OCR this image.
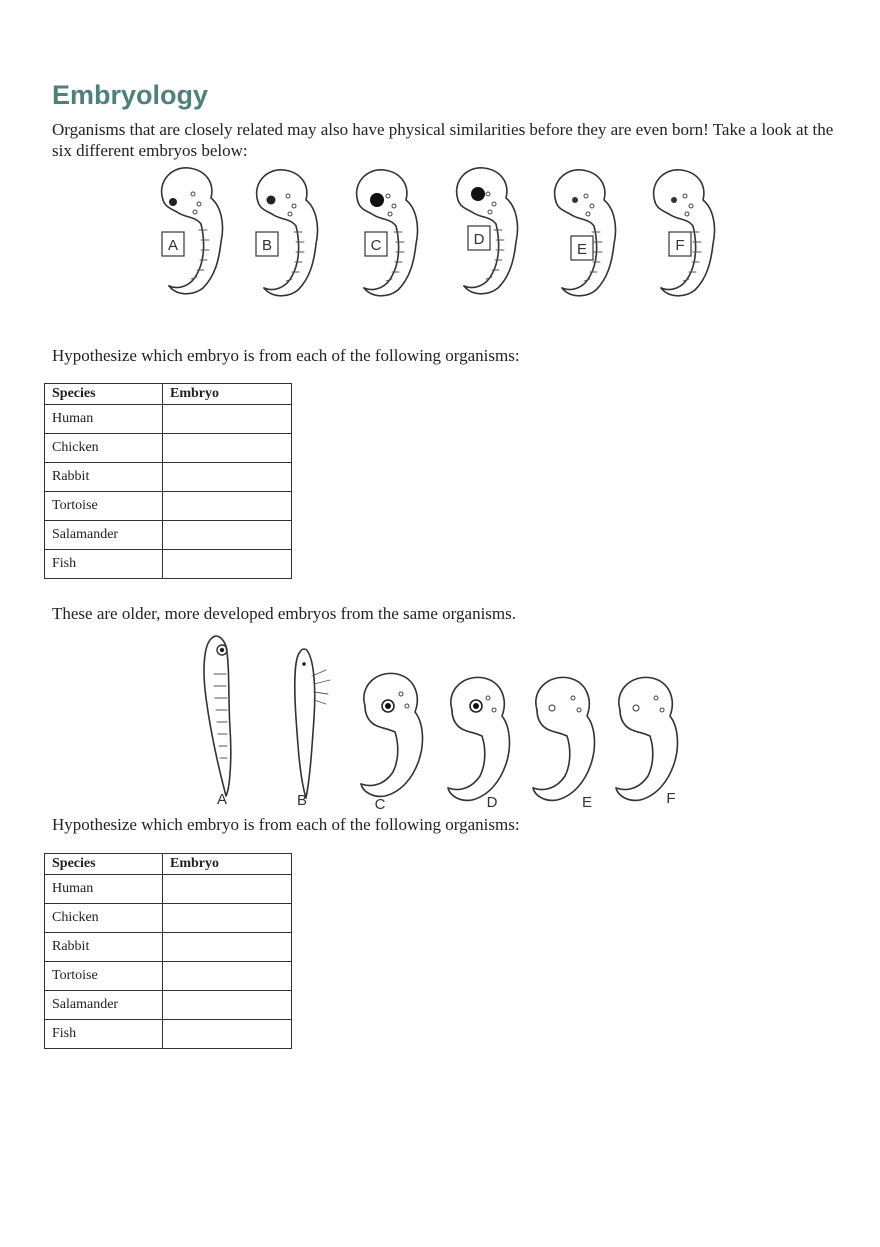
Embryology

Organisms that are closely related may also have physical similarities before they are even born! Take a look at the six different embryos below:

A	B	C	D
E	F

Hypothesize which embryo is from each of the following organisms:

Species	Embryo
Human	
Chicken	
Rabbit	
Tortoise	
Salamander	
Fish	

These are older, more developed embryos from the same organisms.

A	B	C	D	E	F

Hypothesize which embryo is from each of the following organisms:

Species	Embryo
Human	
Chicken	
Rabbit	
Tortoise	
Salamander	
Fish	
